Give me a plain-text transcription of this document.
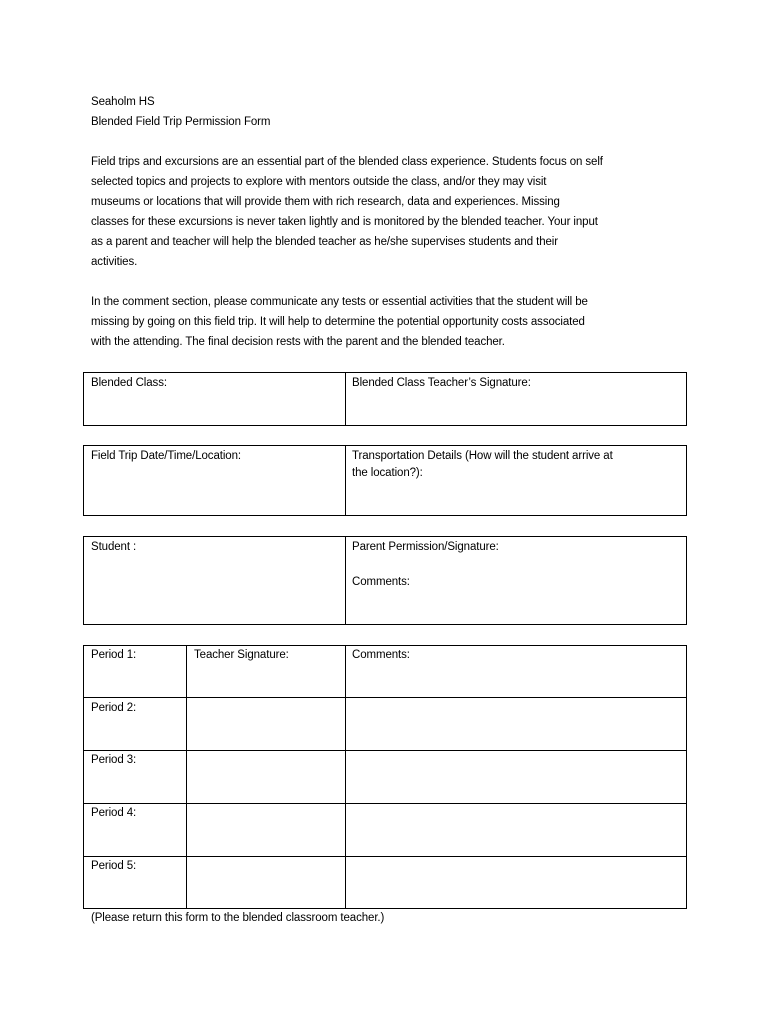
Seaholm HS
Blended Field Trip Permission Form
Field trips and excursions are an essential part of the blended class experience. Students focus on self
selected topics and projects to explore with mentors outside the class, and/or they may visit
museums or locations that will provide them with rich research, data and experiences. Missing
classes for these excursions is never taken lightly and is monitored by the blended teacher. Your input
as a parent and teacher will help the blended teacher as he/she supervises students and their
activities.
In the comment section, please communicate any tests or essential activities that the student will be
missing by going on this field trip. It will help to determine the potential opportunity costs associated
with the attending. The final decision rests with the parent and the blended teacher.
Blended Class:	Blended Class Teacher’s Signature:
Field Trip Date/Time/Location:	Transportation Details (How will the student arrive at
the location?):
Student :	Parent Permission/Signature:
Comments:
Period 1:	Teacher Signature:	Comments:
Period 2:
Period 3:
Period 4:
Period 5:
(Please return this form to the blended classroom teacher.)
